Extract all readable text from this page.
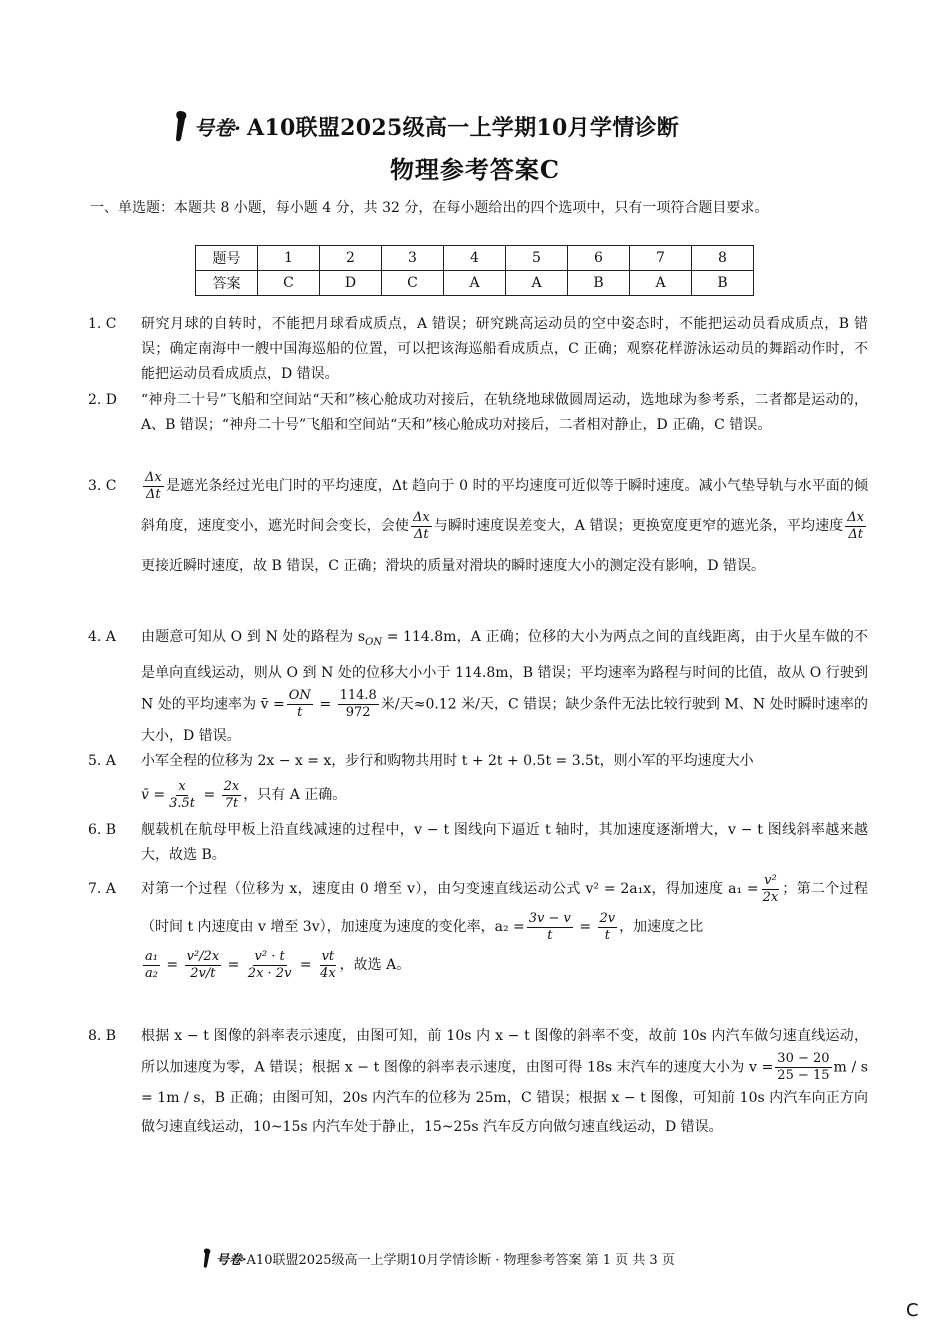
号卷· A10联盟2025级高一上学期10月学情诊断
物理参考答案C
一、单选题：本题共 8 小题，每小题 4 分，共 32 分，在每小题给出的四个选项中，只有一项符合题目要求。
题号	1	2	3	4	5	6	7	8
答案	C	D	C	A	A	B	A	B
1. C	研究月球的自转时，不能把月球看成质点，A 错误；研究跳高运动员的空中姿态时，不能把运动员看成质点，B 错误；确定南海中一艘中国海巡船的位置，可以把该海巡船看成质点，C 正确；观察花样游泳运动员的舞蹈动作时，不能把运动员看成质点，D 错误。
2. D	“神舟二十号”飞船和空间站“天和”核心舱成功对接后，在轨绕地球做圆周运动，选地球为参考系，二者都是运动的，A、B 错误；“神舟二十号”飞船和空间站“天和”核心舱成功对接后，二者相对静止，D 正确，C 错误。
3. C	$\frac{\Delta x}{\Delta t}$ 是遮光条经过光电门时的平均速度，Δt 趋向于 0 时的平均速度可近似等于瞬时速度。减小气垫导轨与水平面的倾斜角度，速度变小，遮光时间会变长，会使 $\frac{\Delta x}{\Delta t}$ 与瞬时速度误差变大，A 错误；更换宽度更窄的遮光条，平均速度 $\frac{\Delta x}{\Delta t}$
更接近瞬时速度，故 B 错误，C 正确；滑块的质量对滑块的瞬时速度大小的测定没有影响，D 错误。
4. A	由题意可知从 O 到 N 处的路程为 $s_{ON} = 114.8m$，A 正确；位移的大小为两点之间的直线距离，由于火星车做的不是单向直线运动，则从 O 到 N 处的位移大小小于 114.8m，B 错误；平均速率为路程与时间的比值，故从 O 行驶到 N 处的平均速率为 v̄ = $\frac{ON}{t} = \frac{114.8}{972}$ 米/天≈0.12 米/天，C 错误；缺少条件无法比较行驶到 M、N 处时瞬时速率的大小，D 错误。
5. A	小军全程的位移为 2x − x = x，步行和购物共用时 t + 2t + 0.5t = 3.5t，则小军的平均速度大小
v̄ = $\frac{x}{3.5t} = \frac{2x}{7t}$ ，只有 A 正确。
6. B	舰载机在航母甲板上沿直线减速的过程中，v − t 图线向下逼近 t 轴时，其加速度逐渐增大，v − t 图线斜率越来越大，故选 B。
7. A	对第一个过程（位移为 x，速度由 0 增至 v），由匀变速直线运动公式 v² = 2a₁x，得加速度 $a_1 = \frac{\text{v²}}{2x}$ ；第二个过程（时间 t 内速度由 v 增至 3v），加速度为速度的变化率，$a_2 = \frac{3v - v}{t} = \frac{2v}{t}$ ，加速度之比

$\frac{\text{a₁}}{\text{a₂}} = \frac{\text{v²/2x}}{2v/t} = \frac{\text{v² · t}}{2x \cdot 2v} = \frac{vt}{4x}$ ，故选 A。
8. B	根据 x − t 图像的斜率表示速度，由图可知，前 10s 内 x − t 图像的斜率不变，故前 10s 内汽车做匀速直线运动，所以加速度为零，A 错误；根据 x − t 图像的斜率表示速度，由图可得 18s 末汽车的速度大小为 $v = \frac{30 - 20}{25 - 15}$ m / s = 1m / s，B 正确；由图可知，20s 内汽车的位移为 25m，C 错误；根据 x − t 图像，可知前 10s 内汽车向正方向做匀速直线运动，10~15s 内汽车处于静止，15~25s 汽车反方向做匀速直线运动，D 错误。
号卷· A10联盟2025级高一上学期10月学情诊断 · 物理参考答案 第 1 页 共 3 页
C
